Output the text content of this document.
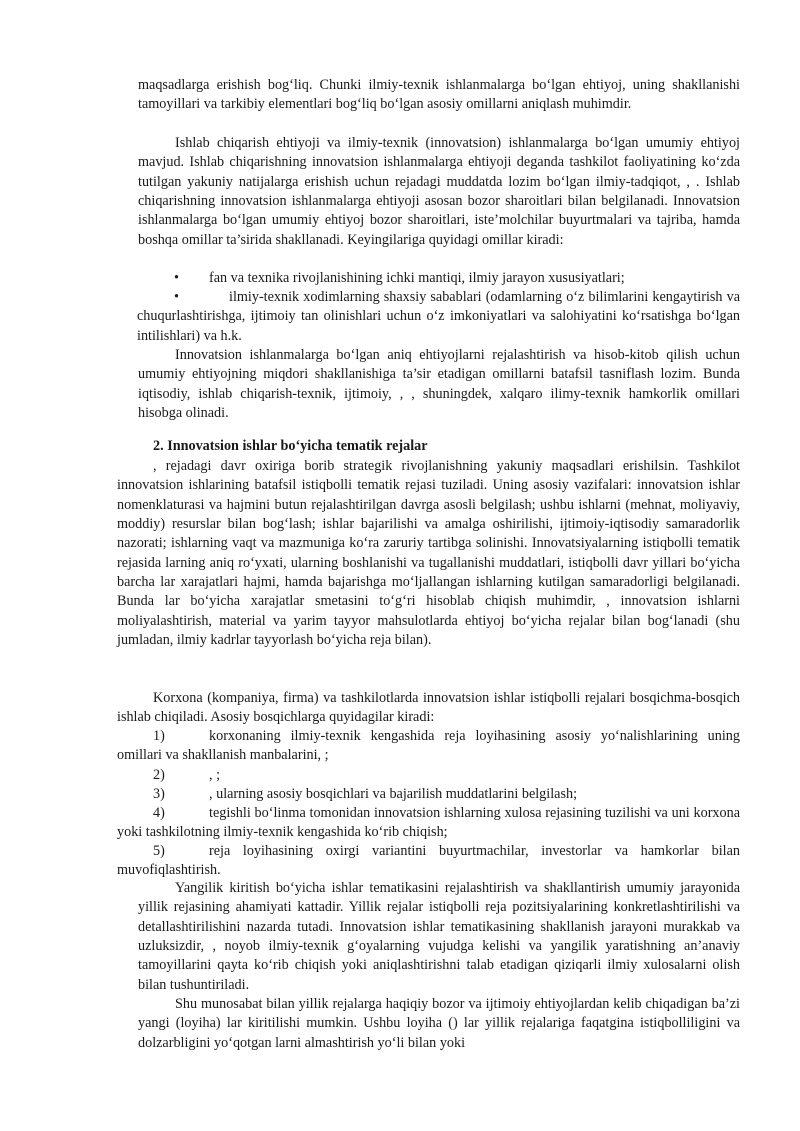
maqsadlarga erishish bog‘liq. Chunki ilmiy-texnik ishlanmalarga bo‘lgan ehtiyoj, uning shakllanishi tamoyillari va tarkibiy elementlari bog‘liq bo‘lgan asosiy omillarni aniqlash muhimdir.

Ishlab chiqarish ehtiyoji va ilmiy-texnik (innovatsion) ishlanmalarga bo‘lgan umumiy ehtiyoj mavjud. Ishlab chiqarishning innovatsion ishlanmalarga ehtiyoji deganda tashkilot faoliyatining ko‘zda tutilgan yakuniy natijalarga erishish uchun rejadagi muddatda lozim bo‘lgan ilmiy-tadqiqot, , . Ishlab chiqarishning innovatsion ishlanmalarga ehtiyoji asosan bozor sharoitlari bilan belgilanadi. Innovatsion ishlanmalarga bo‘lgan umumiy ehtiyoj bozor sharoitlari, iste’molchilar buyurtmalari va tajriba, hamda boshqa omillar ta’sirida shakllanadi. Keyingilariga quyidagi omillar kiradi:

•	fan va texnika rivojlanishining ichki mantiqi, ilmiy jarayon xususiyatlari;
•	ilmiy-texnik xodimlarning shaxsiy sabablari (odamlarning o‘z bilimlarini kengaytirish va chuqurlashtirishga, ijtimoiy tan olinishlari uchun o‘z imkoniyatlari va salohiyatini ko‘rsatishga bo‘lgan intilishlari) va h.k.

Innovatsion ishlanmalarga bo‘lgan aniq ehtiyojlarni rejalashtirish va hisob-kitob qilish uchun umumiy ehtiyojning miqdori shakllanishiga ta’sir etadigan omillarni batafsil tasniflash lozim. Bunda iqtisodiy, ishlab chiqarish-texnik, ijtimoiy, , , shuningdek, xalqaro ilimy-texnik hamkorlik omillari hisobga olinadi.

2. Innovatsion ishlar bo‘yicha tematik rejalar

, rejadagi davr oxiriga borib strategik rivojlanishning yakuniy maqsadlari erishilsin. Tashkilot innovatsion ishlarining batafsil istiqbolli tematik rejasi tuziladi. Uning asosiy vazifalari: innovatsion ishlar nomenklaturasi va hajmini butun rejalashtirilgan davrga asosli belgilash; ushbu ishlarni (mehnat, moliyaviy, moddiy) resurslar bilan bog‘lash; ishlar bajarilishi va amalga oshirilishi, ijtimoiy-iqtisodiy samaradorlik nazorati; ishlarning vaqt va mazmuniga ko‘ra zaruriy tartibga solinishi. Innovatsiyalarning istiqbolli tematik rejasida larning aniq ro‘yxati, ularning boshlanishi va tugallanishi muddatlari, istiqbolli davr yillari bo‘yicha barcha lar xarajatlari hajmi, hamda bajarishga mo‘ljallangan ishlarning kutilgan samaradorligi belgilanadi. Bunda lar bo‘yicha xarajatlar smetasini to‘g‘ri hisoblab chiqish muhimdir, , innovatsion ishlarni moliyalashtirish, material va yarim tayyor mahsulotlarda ehtiyoj bo‘yicha rejalar bilan bog‘lanadi (shu jumladan, ilmiy kadrlar tayyorlash bo‘yicha reja bilan).

Korxona (kompaniya, firma) va tashkilotlarda innovatsion ishlar istiqbolli rejalari bosqichma-bosqich ishlab chiqiladi. Asosiy bosqichlarga quyidagilar kiradi:

1)	korxonaning ilmiy-texnik kengashida reja loyihasining asosiy yo‘nalishlarining uning omillari va shakllanish manbalarini, ;
2)	, ;
3)	, ularning asosiy bosqichlari va bajarilish muddatlarini belgilash;
4)	tegishli bo‘linma tomonidan innovatsion ishlarning xulosa rejasining tuzilishi va uni korxona yoki tashkilotning ilmiy-texnik kengashida ko‘rib chiqish;
5)	reja loyihasining oxirgi variantini buyurtmachilar, investorlar va hamkorlar bilan muvofiqlashtirish.

Yangilik kiritish bo‘yicha ishlar tematikasini rejalashtirish va shakllantirish umumiy jarayonida yillik rejasining ahamiyati kattadir. Yillik rejalar istiqbolli reja pozitsiyalarining konkretlashtirilishi va detallashtirilishini nazarda tutadi. Innovatsion ishlar tematikasining shakllanish jarayoni murakkab va uzluksizdir, , noyob ilmiy-texnik g‘oyalarning vujudga kelishi va yangilik yaratishning an’anaviy tamoyillarini qayta ko‘rib chiqish yoki aniqlashtirishni talab etadigan qiziqarli ilmiy xulosalarni olish bilan tushuntiriladi.

Shu munosabat bilan yillik rejalarga haqiqiy bozor va ijtimoiy ehtiyojlardan kelib chiqadigan ba’zi yangi (loyiha) lar kiritilishi mumkin. Ushbu loyiha () lar yillik rejalariga faqatgina istiqbolliligini va dolzarbligini yo‘qotgan larni almashtirish yo‘li bilan yoki
